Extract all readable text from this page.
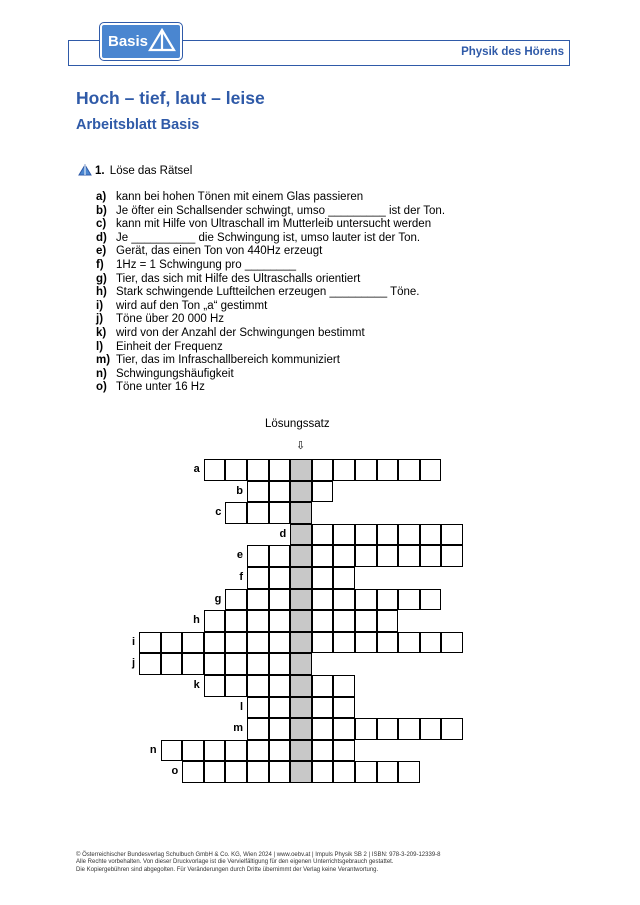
Basis
Physik des Hörens
Hoch – tief, laut – leise
Arbeitsblatt Basis
1. Löse das Rätsel
a) kann bei hohen Tönen mit einem Glas passieren
b) Je öfter ein Schallsender schwingt, umso _________ ist der Ton.
c) kann mit Hilfe von Ultraschall im Mutterleib untersucht werden
d) Je __________ die Schwingung ist, umso lauter ist der Ton.
e) Gerät, das einen Ton von 440Hz erzeugt
f) 1Hz = 1 Schwingung pro ________
g) Tier, das sich mit Hilfe des Ultraschalls orientiert
h) Stark schwingende Luftteilchen erzeugen _________ Töne.
i) wird auf den Ton „a“ gestimmt
j) Töne über 20 000 Hz
k) wird von der Anzahl der Schwingungen bestimmt
l) Einheit der Frequenz
m) Tier, das im Infraschallbereich kommuniziert
n) Schwingungshäufigkeit
o) Töne unter 16 Hz
Lösungssatz
⇩
a
b
c
d
e
f
g
h
i
j
k
l
m
n
o
© Österreichischer Bundesverlag Schulbuch GmbH & Co. KG, Wien 2024 | www.oebv.at | Impuls Physik SB 2 | ISBN: 978-3-209-12339-8
Alle Rechte vorbehalten. Von dieser Druckvorlage ist die Vervielfältigung für den eigenen Unterrichtsgebrauch gestattet.
Die Kopiergebühren sind abgegolten. Für Veränderungen durch Dritte übernimmt der Verlag keine Verantwortung.
